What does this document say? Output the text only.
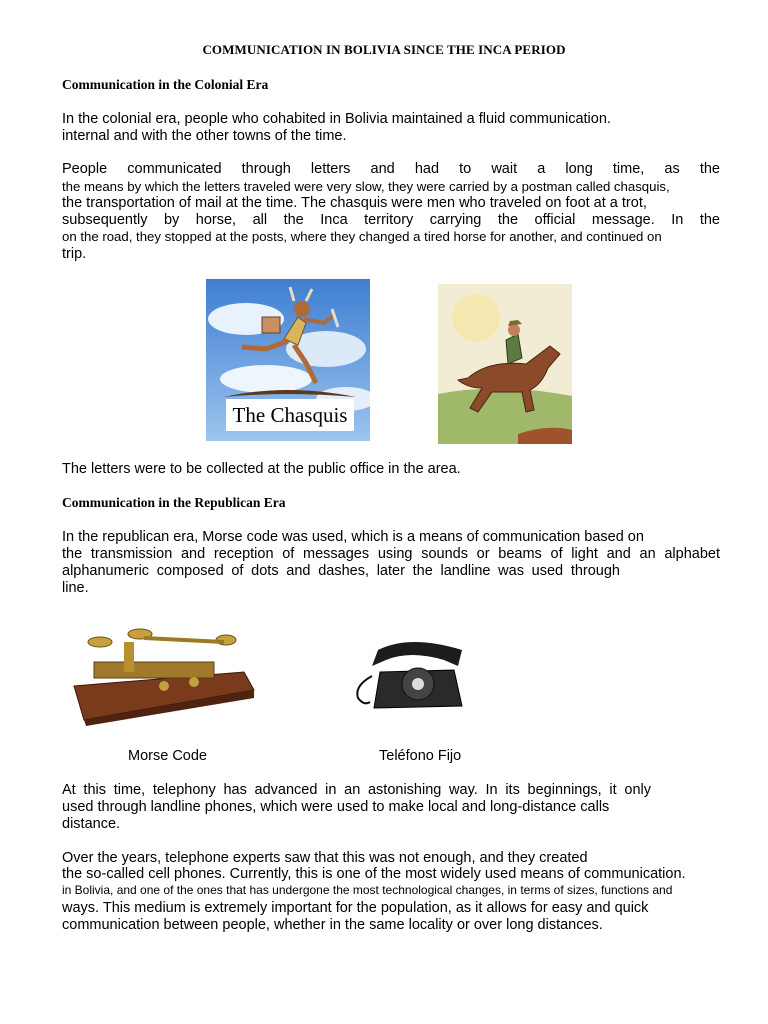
COMMUNICATION IN BOLIVIA SINCE THE INCA PERIOD
Communication in the Colonial Era
In the colonial era, people who cohabited in Bolivia maintained a fluid communication.
internal and with the other towns of the time.
People communicated through letters and had to wait a long time, as the
the means by which the letters traveled were very slow, they were carried by a postman called chasquis,
the transportation of mail at the time. The chasquis were men who traveled on foot at a trot,
subsequently by horse, all the Inca territory carrying the official message. In the
on the road, they stopped at the posts, where they changed a tired horse for another, and continued on
trip.
The Chasquis
The letters were to be collected at the public office in the area.
Communication in the Republican Era
In the republican era, Morse code was used, which is a means of communication based on
the transmission and reception of messages using sounds or beams of light and an alphabet
alphanumeric composed of dots and dashes, later the landline was used through
line.
Morse Code	Teléfono Fijo
At this time, telephony has advanced in an astonishing way. In its beginnings, it only
used through landline phones, which were used to make local and long-distance calls
distance.
Over the years, telephone experts saw that this was not enough, and they created
the so-called cell phones. Currently, this is one of the most widely used means of communication.
in Bolivia, and one of the ones that has undergone the most technological changes, in terms of sizes, functions and
ways. This medium is extremely important for the population, as it allows for easy and quick
communication between people, whether in the same locality or over long distances.
